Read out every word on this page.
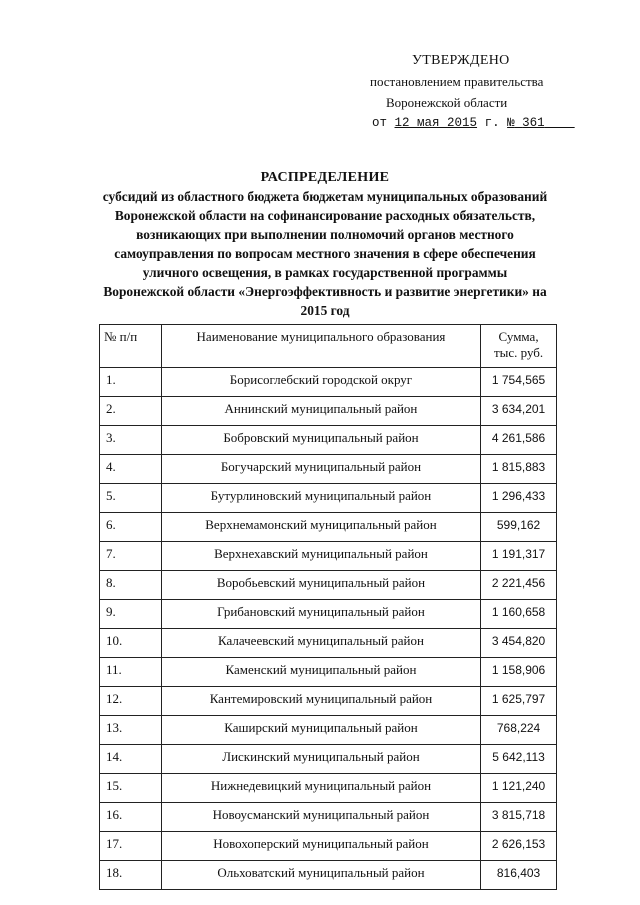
УТВЕРЖДЕНО
постановлением правительства
Воронежской области
от 12 мая 2015 г. № 361
РАСПРЕДЕЛЕНИЕ
субсидий из областного бюджета бюджетам муниципальных образований
Воронежской области на софинансирование расходных обязательств,
возникающих при выполнении полномочий органов местного
самоуправления по вопросам местного значения в сфере обеспечения
уличного освещения, в рамках государственной программы
Воронежской области «Энергоэффективность и развитие энергетики» на
2015 год
№ п/п	Наименование муниципального образования	Сумма,
тыс. руб.

1.	Борисоглебский городской округ	1 754,565
2.	Аннинский муниципальный район	3 634,201
3.	Бобровский муниципальный район	4 261,586
4.	Богучарский муниципальный район	1 815,883
5.	Бутурлиновский муниципальный район	1 296,433
6.	Верхнемамонский муниципальный район	599,162
7.	Верхнехавский муниципальный район	1 191,317
8.	Воробьевский муниципальный район	2 221,456
9.	Грибановский муниципальный район	1 160,658
10.	Калачеевский муниципальный район	3 454,820
11.	Каменский муниципальный район	1 158,906
12.	Кантемировский муниципальный район	1 625,797
13.	Каширский муниципальный район	768,224
14.	Лискинский муниципальный район	5 642,113
15.	Нижнедевицкий муниципальный район	1 121,240
16.	Новоусманский муниципальный район	3 815,718
17.	Новохоперский муниципальный район	2 626,153
18.	Ольховатский муниципальный район	816,403
